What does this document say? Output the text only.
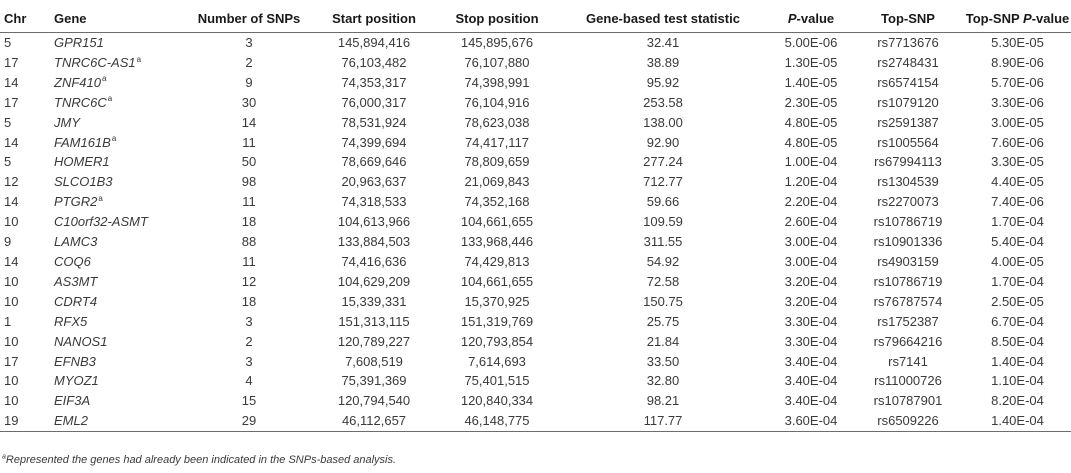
Chr	Gene	Number of SNPs	Start position	Stop position	Gene-based test statistic	P-value	Top-SNP	Top-SNP P-value
5	GPR151	3	145,894,416	145,895,676	32.41	5.00E-06	rs7713676	5.30E-05
17	TNRC6C-AS1$^a$	2	76,103,482	76,107,880	38.89	1.30E-05	rs2748431	8.90E-06
14	ZNF410$^a$	9	74,353,317	74,398,991	95.92	1.40E-05	rs6574154	5.70E-06
17	TNRC6C$^a$	30	76,000,317	76,104,916	253.58	2.30E-05	rs1079120	3.30E-06
5	JMY	14	78,531,924	78,623,038	138.00	4.80E-05	rs2591387	3.00E-05
14	FAM161B$^a$	11	74,399,694	74,417,117	92.90	4.80E-05	rs1005564	7.60E-06
5	HOMER1	50	78,669,646	78,809,659	277.24	1.00E-04	rs67994113	3.30E-05
12	SLCO1B3	98	20,963,637	21,069,843	712.77	1.20E-04	rs1304539	4.40E-05
14	PTGR2$^a$	11	74,318,533	74,352,168	59.66	2.20E-04	rs2270073	7.40E-06
10	C10orf32-ASMT	18	104,613,966	104,661,655	109.59	2.60E-04	rs10786719	1.70E-04
9	LAMC3	88	133,884,503	133,968,446	311.55	3.00E-04	rs10901336	5.40E-04
14	COQ6	11	74,416,636	74,429,813	54.92	3.00E-04	rs4903159	4.00E-05
10	AS3MT	12	104,629,209	104,661,655	72.58	3.20E-04	rs10786719	1.70E-04
10	CDRT4	18	15,339,331	15,370,925	150.75	3.20E-04	rs76787574	2.50E-05
1	RFX5	3	151,313,115	151,319,769	25.75	3.30E-04	rs1752387	6.70E-04
10	NANOS1	2	120,789,227	120,793,854	21.84	3.30E-04	rs79664216	8.50E-04
17	EFNB3	3	7,608,519	7,614,693	33.50	3.40E-04	rs7141	1.40E-04
10	MYOZ1	4	75,391,369	75,401,515	32.80	3.40E-04	rs11000726	1.10E-04
10	EIF3A	15	120,794,540	120,840,334	98.21	3.40E-04	rs10787901	8.20E-04
19	EML2	29	46,112,657	46,148,775	117.77	3.60E-04	rs6509226	1.40E-04
$^a$Represented the genes had already been indicated in the SNPs-based analysis.
